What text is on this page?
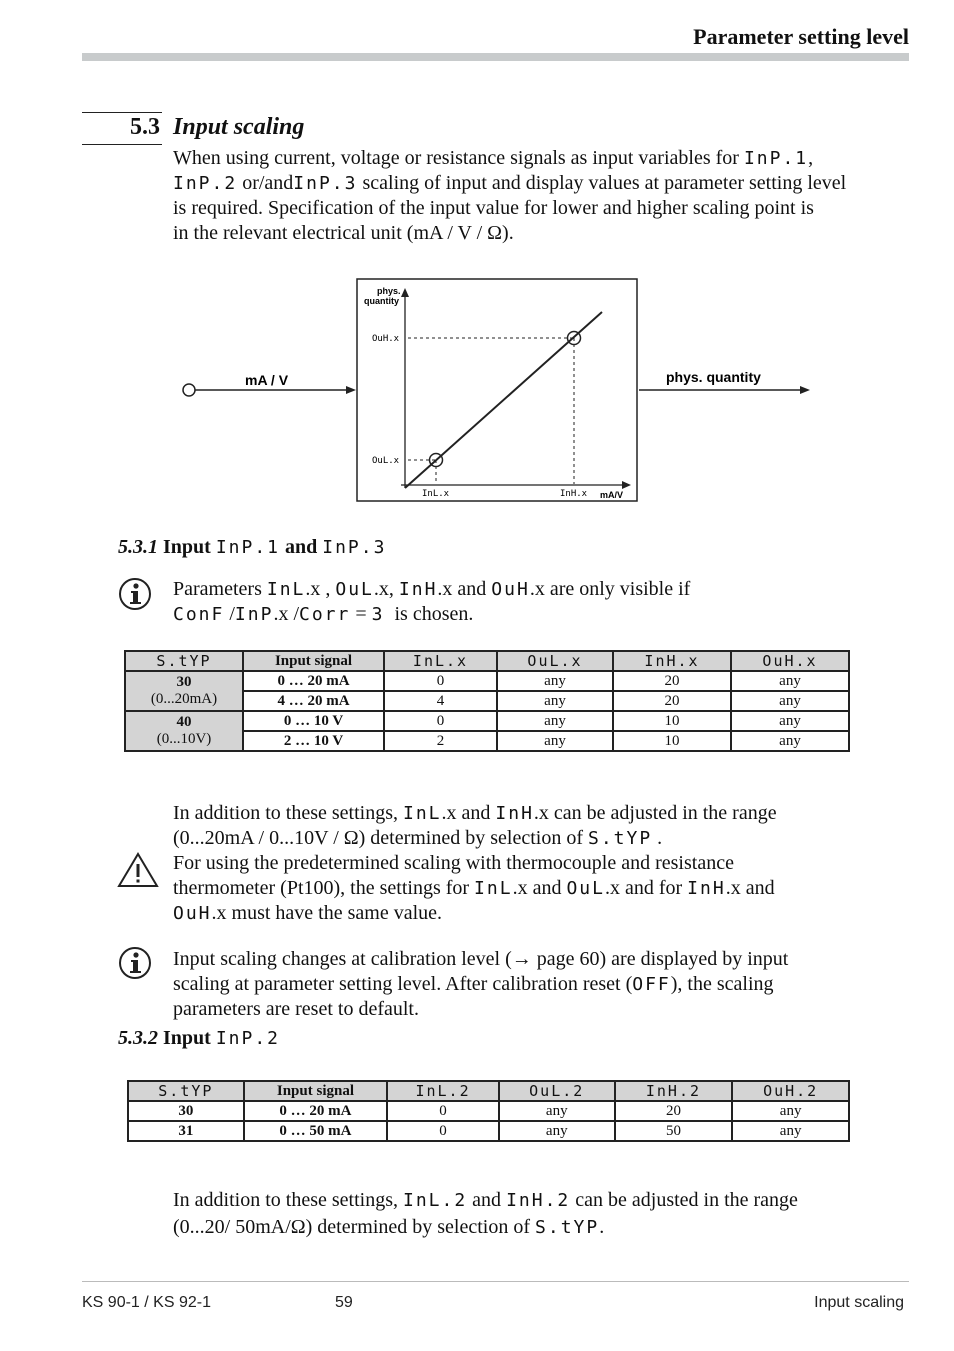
Parameter setting level
5.3 Input scaling
When using current, voltage or resistance signals as input variables for InP.1,
InP.2 or/andInP.3 scaling of input and display values at parameter setting level
is required. Specification of the input value for lower and higher scaling point is
in the relevant electrical unit (mA / V / Ω).
mA / V	phys. quantity
phys.
quantity
mA/V
OuH.x
OuL.x
InL.x	InH.x
5.3.1 Input InP.1 and InP.3
Parameters InL.x , OuL.x, InH.x and OuH.x are only visible if
ConF /InP.x /Corr = 3 is chosen.
S.tYP	Input signal	InL.x	OuL.x	InH.x	OuH.x
30
(0...20mA)	0 … 20 mA	0	any	20	any
	4 … 20 mA	4	any	20	any
40
(0...10V)	0 … 10 V	0	any	10	any
	2 … 10 V	2	any	10	any
In addition to these settings, InL.x and InH.x can be adjusted in the range
(0...20mA / 0...10V / Ω) determined by selection of S.tYP .
For using the predetermined scaling with thermocouple and resistance
thermometer (Pt100), the settings for InL.x and OuL.x and for InH.x and
OuH.x must have the same value.
Input scaling changes at calibration level (→ page 60) are displayed by input
scaling at parameter setting level. After calibration reset (OFF), the scaling
parameters are reset to default.
5.3.2 Input InP.2
S.tYP	Input signal	InL.2	OuL.2	InH.2	OuH.2
30	0 … 20 mA	0	any	20	any
31	0 … 50 mA	0	any	50	any
In addition to these settings, InL.2 and InH.2 can be adjusted in the range
(0...20/ 50mA/Ω) determined by selection of S.tYP.
KS 90-1 / KS 92-1	59	Input scaling
